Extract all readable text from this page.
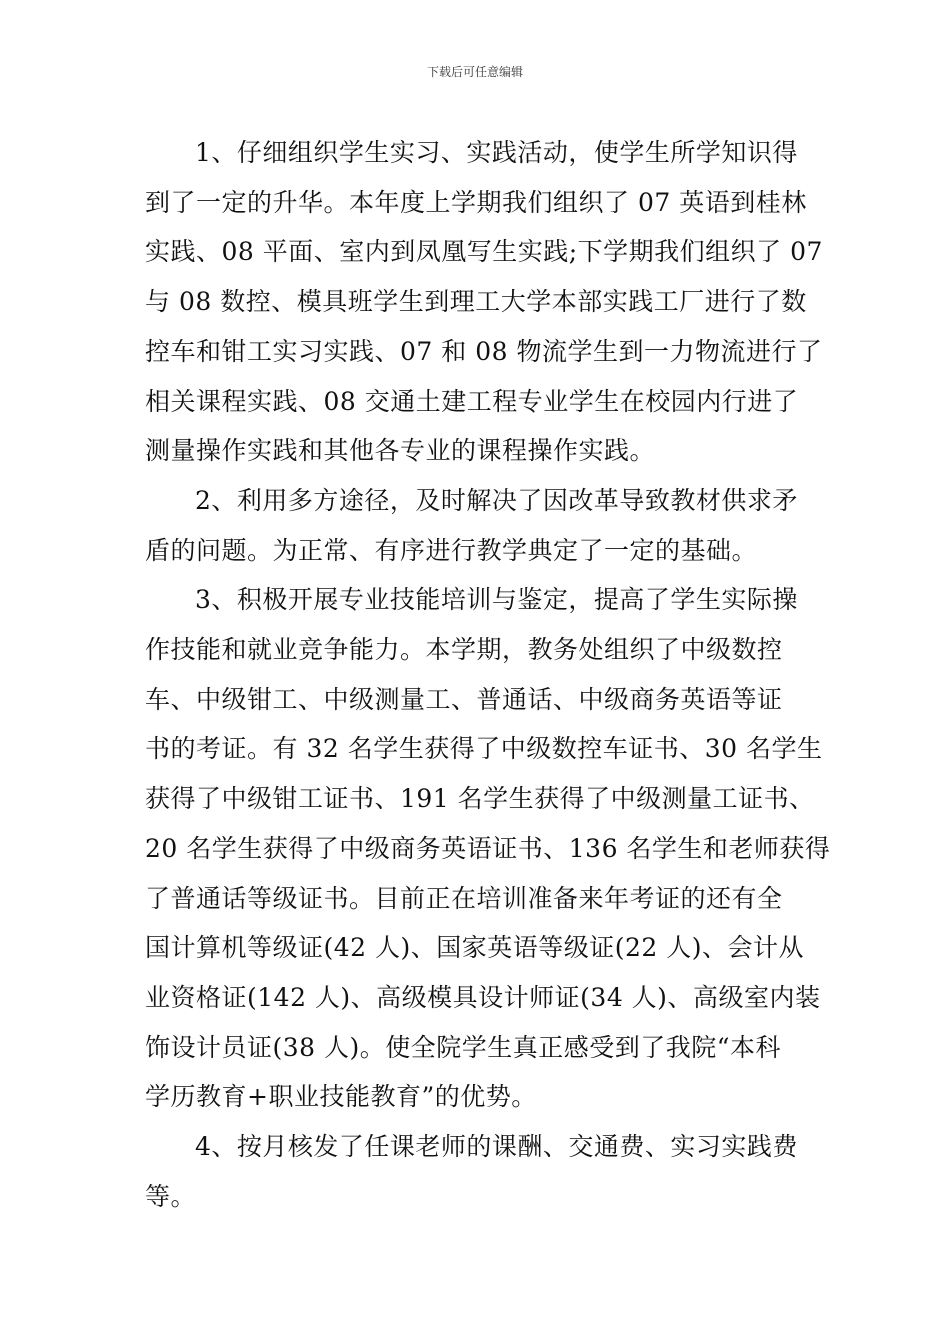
下载后可任意编辑

1、仔细组织学生实习、实践活动，使学生所学知识得
到了一定的升华。本年度上学期我们组织了 07 英语到桂林
实践、08 平面、室内到凤凰写生实践;下学期我们组织了 07
与 08 数控、模具班学生到理工大学本部实践工厂进行了数
控车和钳工实习实践、07 和 08 物流学生到一力物流进行了
相关课程实践、08 交通土建工程专业学生在校园内行进了
测量操作实践和其他各专业的课程操作实践。

2、利用多方途径，及时解决了因改革导致教材供求矛
盾的问题。为正常、有序进行教学典定了一定的基础。

3、积极开展专业技能培训与鉴定，提高了学生实际操
作技能和就业竞争能力。本学期，教务处组织了中级数控
车、中级钳工、中级测量工、普通话、中级商务英语等证
书的考证。有 32 名学生获得了中级数控车证书、30 名学生
获得了中级钳工证书、191 名学生获得了中级测量工证书、
20 名学生获得了中级商务英语证书、136 名学生和老师获得
了普通话等级证书。目前正在培训准备来年考证的还有全
国计算机等级证(42 人)、国家英语等级证(22 人)、会计从
业资格证(142 人)、高级模具设计师证(34 人)、高级室内装
饰设计员证(38 人)。使全院学生真正感受到了我院“本科
学历教育+职业技能教育”的优势。

4、按月核发了任课老师的课酬、交通费、实习实践费
等。
